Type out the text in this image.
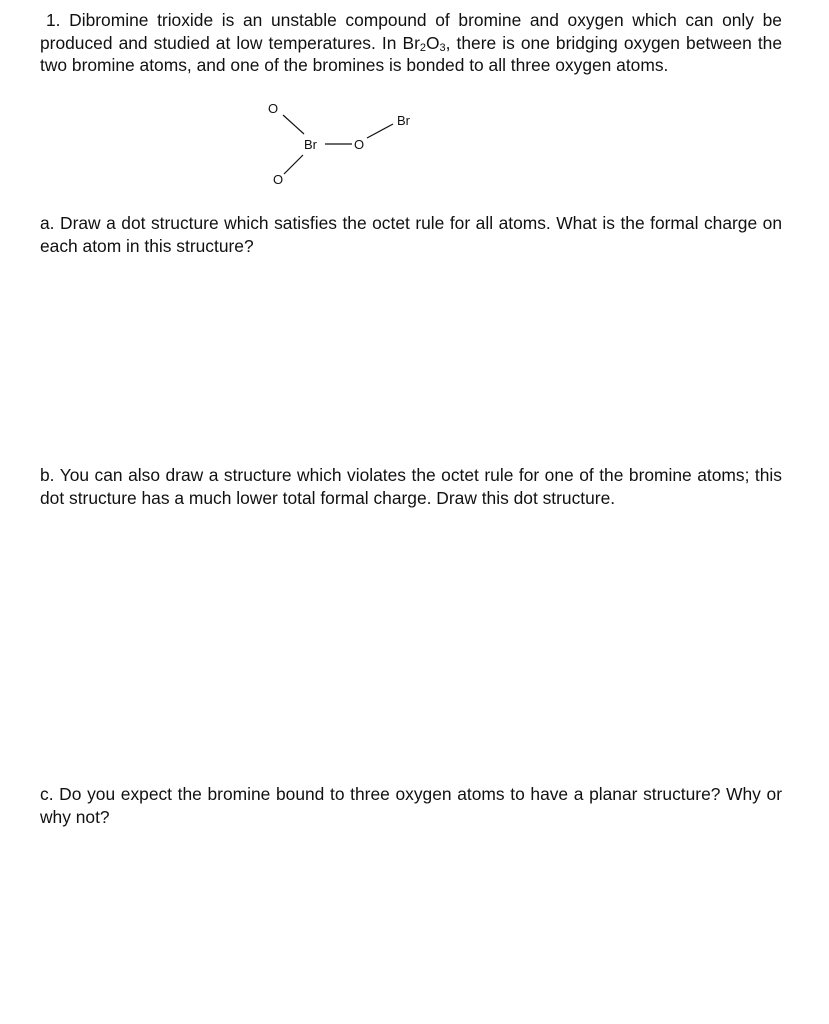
1. Dibromine trioxide is an unstable compound of bromine and oxygen which can only be produced and studied at low temperatures. In $Br_2O_3$, there is one bridging oxygen between the two bromine atoms, and one of the bromines is bonded to all three oxygen atoms.

O
Br	O
Br
O

a. Draw a dot structure which satisfies the octet rule for all atoms. What is the formal charge on each atom in this structure?

b. You can also draw a structure which violates the octet rule for one of the bromine atoms; this dot structure has a much lower total formal charge. Draw this dot structure.

c. Do you expect the bromine bound to three oxygen atoms to have a planar structure? Why or why not?
